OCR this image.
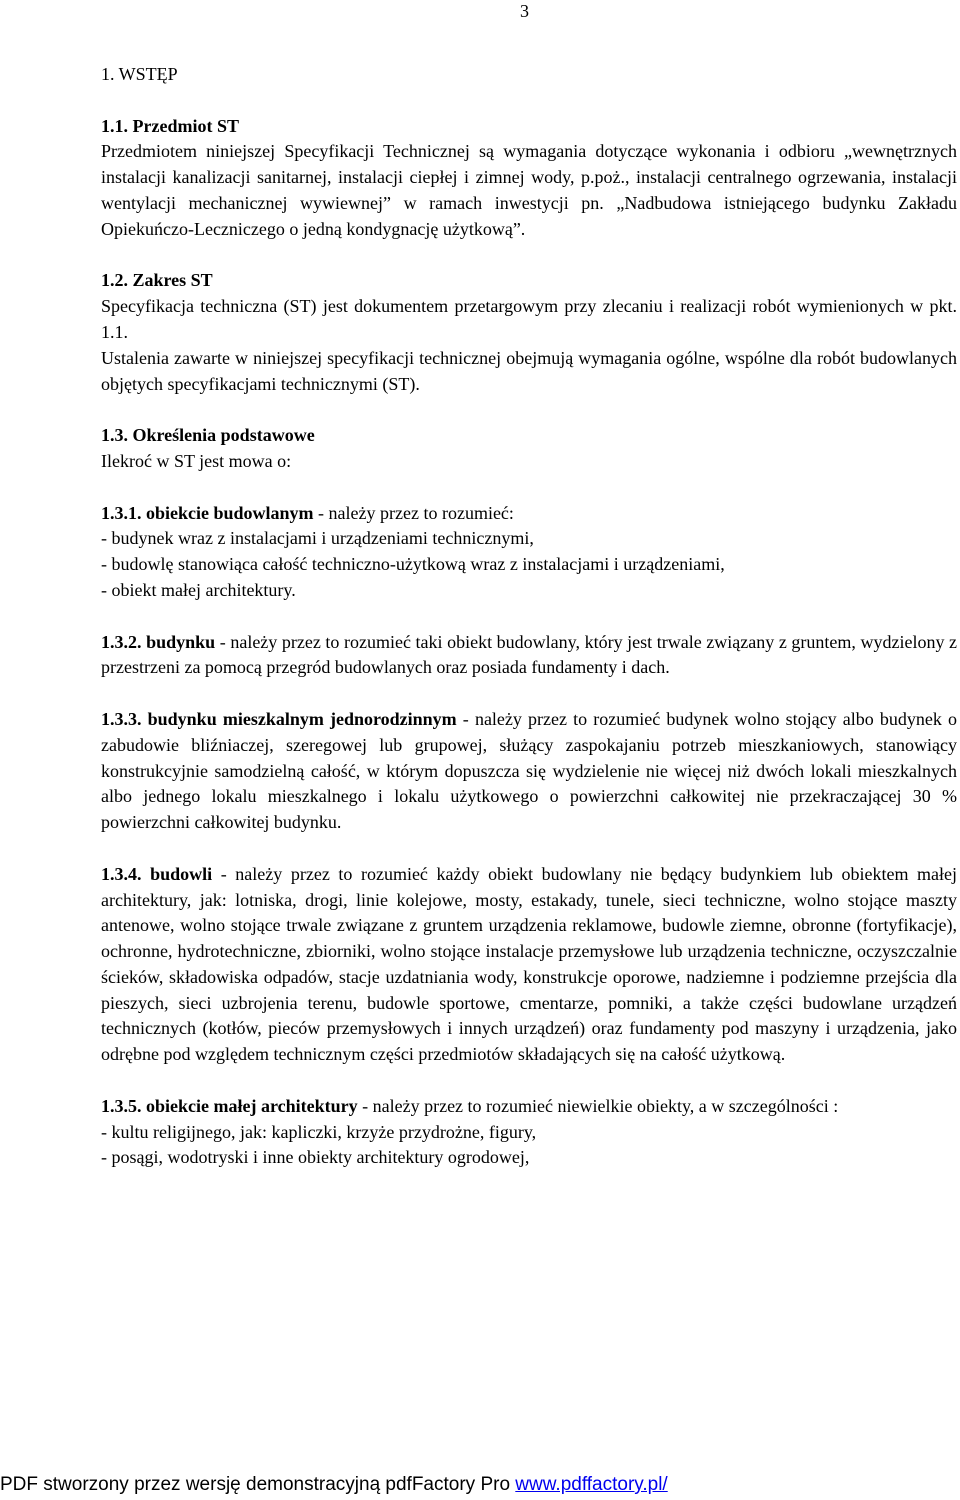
3
1. WSTĘP
1.1. Przedmiot ST
Przedmiotem niniejszej Specyfikacji Technicznej są wymagania dotyczące wykonania i odbioru „wewnętrznych instalacji kanalizacji sanitarnej, instalacji ciepłej i zimnej wody, p.poż., instalacji centralnego ogrzewania, instalacji wentylacji mechanicznej wywiewnej” w ramach inwestycji pn. „Nadbudowa istniejącego budynku Zakładu Opiekuńczo-Leczniczego o jedną kondygnację użytkową”.
1.2. Zakres ST
Specyfikacja techniczna (ST) jest dokumentem przetargowym przy zlecaniu i realizacji robót wymienionych w pkt. 1.1.
Ustalenia zawarte w niniejszej specyfikacji technicznej obejmują wymagania ogólne, wspólne dla robót budowlanych objętych specyfikacjami technicznymi (ST).
1.3. Określenia podstawowe
Ilekroć w ST jest mowa o:
1.3.1. obiekcie budowlanym - należy przez to rozumieć:
- budynek wraz z instalacjami i urządzeniami technicznymi,
- budowlę stanowiąca całość techniczno-użytkową wraz z instalacjami i urządzeniami,
- obiekt małej architektury.
1.3.2. budynku - należy przez to rozumieć taki obiekt budowlany, który jest trwale związany z gruntem, wydzielony z przestrzeni za pomocą przegród budowlanych oraz posiada fundamenty i dach.
1.3.3. budynku mieszkalnym jednorodzinnym - należy przez to rozumieć budynek wolno stojący albo budynek o zabudowie bliźniaczej, szeregowej lub grupowej, służący zaspokajaniu potrzeb mieszkaniowych, stanowiący konstrukcyjnie samodzielną całość, w którym dopuszcza się wydzielenie nie więcej niż dwóch lokali mieszkalnych albo jednego lokalu mieszkalnego i lokalu użytkowego o powierzchni całkowitej nie przekraczającej 30 % powierzchni całkowitej budynku.
1.3.4. budowli - należy przez to rozumieć każdy obiekt budowlany nie będący budynkiem lub obiektem małej architektury, jak: lotniska, drogi, linie kolejowe, mosty, estakady, tunele, sieci techniczne, wolno stojące maszty antenowe, wolno stojące trwale związane z gruntem urządzenia reklamowe, budowle ziemne, obronne (fortyfikacje), ochronne, hydrotechniczne, zbiorniki, wolno stojące instalacje przemysłowe lub urządzenia techniczne, oczyszczalnie ścieków, składowiska odpadów, stacje uzdatniania wody, konstrukcje oporowe, nadziemne i podziemne przejścia dla pieszych, sieci uzbrojenia terenu, budowle sportowe, cmentarze, pomniki, a także części budowlane urządzeń technicznych (kotłów, pieców przemysłowych i innych urządzeń) oraz fundamenty pod maszyny i urządzenia, jako odrębne pod względem technicznym części przedmiotów składających się na całość użytkową.
1.3.5. obiekcie małej architektury - należy przez to rozumieć niewielkie obiekty, a w szczególności :
- kultu religijnego, jak: kapliczki, krzyże przydrożne, figury,
- posągi, wodotryski i inne obiekty architektury ogrodowej,
PDF stworzony przez wersję demonstracyjną pdfFactory Pro www.pdffactory.pl/
